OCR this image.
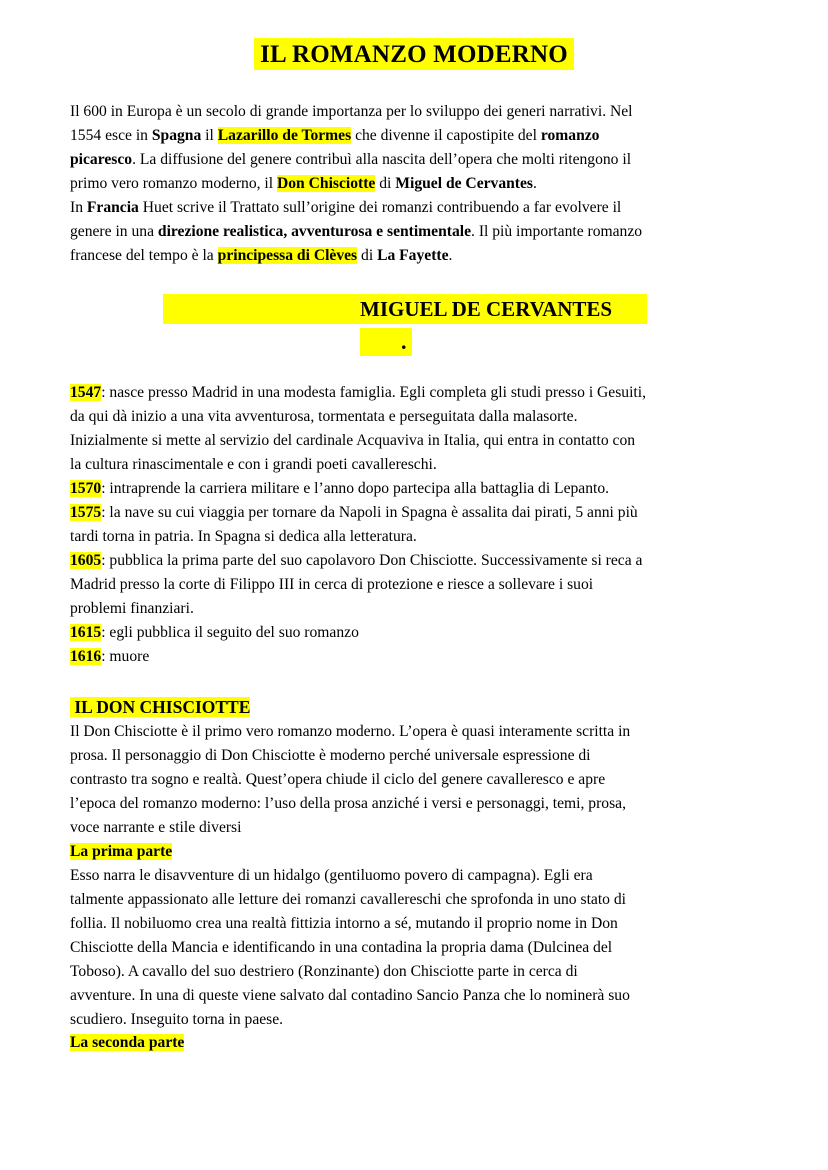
IL ROMANZO MODERNO
Il 600 in Europa è un secolo di grande importanza per lo sviluppo dei generi narrativi. Nel
1554 esce in Spagna il Lazarillo de Tormes che divenne il capostipite del romanzo
picaresco. La diffusione del genere contribuì alla nascita dell’opera che molti ritengono il
primo vero romanzo moderno, il Don Chisciotte di Miguel de Cervantes.
In Francia Huet scrive il Trattato sull’origine dei romanzi contribuendo a far evolvere il
genere in una direzione realistica, avventurosa e sentimentale. Il più importante romanzo
francese del tempo è la principessa di Clèves di La Fayette.
MIGUEL DE CERVANTES
.
1547: nasce presso Madrid in una modesta famiglia. Egli completa gli studi presso i Gesuiti,
da qui dà inizio a una vita avventurosa, tormentata e perseguitata dalla malasorte.
Inizialmente si mette al servizio del cardinale Acquaviva in Italia, qui entra in contatto con
la cultura rinascimentale e con i grandi poeti cavallereschi.
1570: intraprende la carriera militare e l’anno dopo partecipa alla battaglia di Lepanto.
1575: la nave su cui viaggia per tornare da Napoli in Spagna è assalita dai pirati, 5 anni più
tardi torna in patria. In Spagna si dedica alla letteratura.
1605: pubblica la prima parte del suo capolavoro Don Chisciotte. Successivamente si reca a
Madrid presso la corte di Filippo III in cerca di protezione e riesce a sollevare i suoi
problemi finanziari.
1615: egli pubblica il seguito del suo romanzo
1616: muore
IL DON CHISCIOTTE
Il Don Chisciotte è il primo vero romanzo moderno. L’opera è quasi interamente scritta in
prosa. Il personaggio di Don Chisciotte è moderno perché universale espressione di
contrasto tra sogno e realtà. Quest’opera chiude il ciclo del genere cavalleresco e apre
l’epoca del romanzo moderno: l’uso della prosa anziché i versi e personaggi, temi, prosa,
voce narrante e stile diversi
La prima parte
Esso narra le disavventure di un hidalgo (gentiluomo povero di campagna). Egli era
talmente appassionato alle letture dei romanzi cavallereschi che sprofonda in uno stato di
follia. Il nobiluomo crea una realtà fittizia intorno a sé, mutando il proprio nome in Don
Chisciotte della Mancia e identificando in una contadina la propria dama (Dulcinea del
Toboso). A cavallo del suo destriero (Ronzinante) don Chisciotte parte in cerca di
avventure. In una di queste viene salvato dal contadino Sancio Panza che lo nominerà suo
scudiero. Inseguito torna in paese.
La seconda parte
